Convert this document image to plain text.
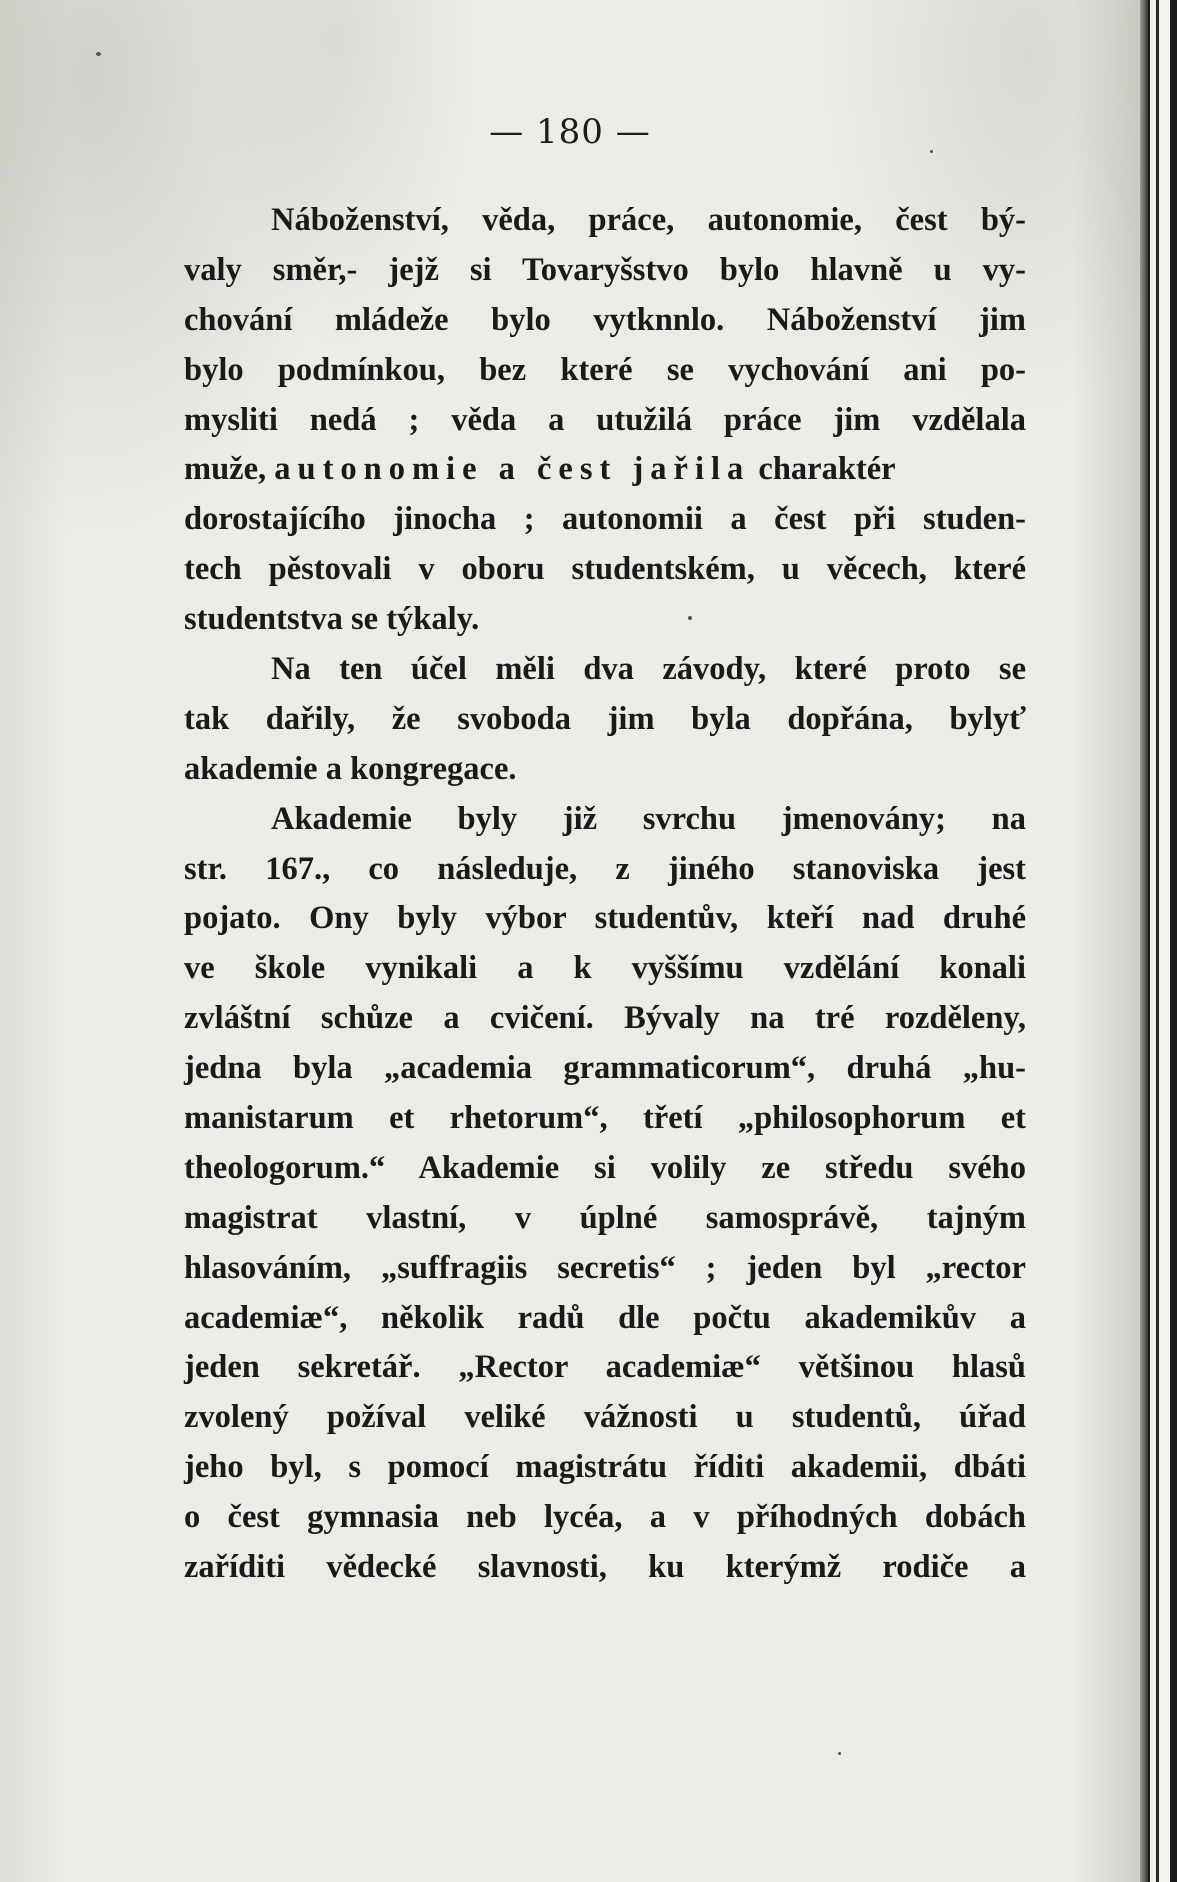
— 180 —
Náboženství, věda, práce, autonomie, čest bý-
valy směr,- jejž si Tovaryšstvo bylo hlavně u vy-
chování mládeže bylo vytknnlo. Náboženství jim
bylo podmínkou, bez které se vychování ani po-
mysliti nedá ; věda a utužilá práce jim vzdělala
muže, autonomie a čest jařila charaktér
dorostajícího jinocha ; autonomii a čest při studen-
tech pěstovali v oboru studentském, u věcech, které
studentstva se týkaly.
Na ten účel měli dva závody, které proto se
tak dařily, že svoboda jim byla dopřána, bylyť
akademie a kongregace.
Akademie byly již svrchu jmenovány; na
str. 167., co následuje, z jiného stanoviska jest
pojato. Ony byly výbor studentův, kteří nad druhé
ve škole vynikali a k vyššímu vzdělání konali
zvláštní schůze a cvičení. Bývaly na tré rozděleny,
jedna byla „academia grammaticorum“, druhá „hu-
manistarum et rhetorum“, třetí „philosophorum et
theologorum.“ Akademie si volily ze středu svého
magistrat vlastní, v úplné samosprávě, tajným
hlasováním, „suffragiis secretis“ ; jeden byl „rector
academiæ“, několik radů dle počtu akademikův a
jeden sekretář. „Rector academiæ“ většinou hlasů
zvolený požíval veliké vážnosti u studentů, úřad
jeho byl, s pomocí magistrátu říditi akademii, dbáti
o čest gymnasia neb lycéa, a v příhodných dobách
zaříditi vědecké slavnosti, ku kterýmž rodiče a
